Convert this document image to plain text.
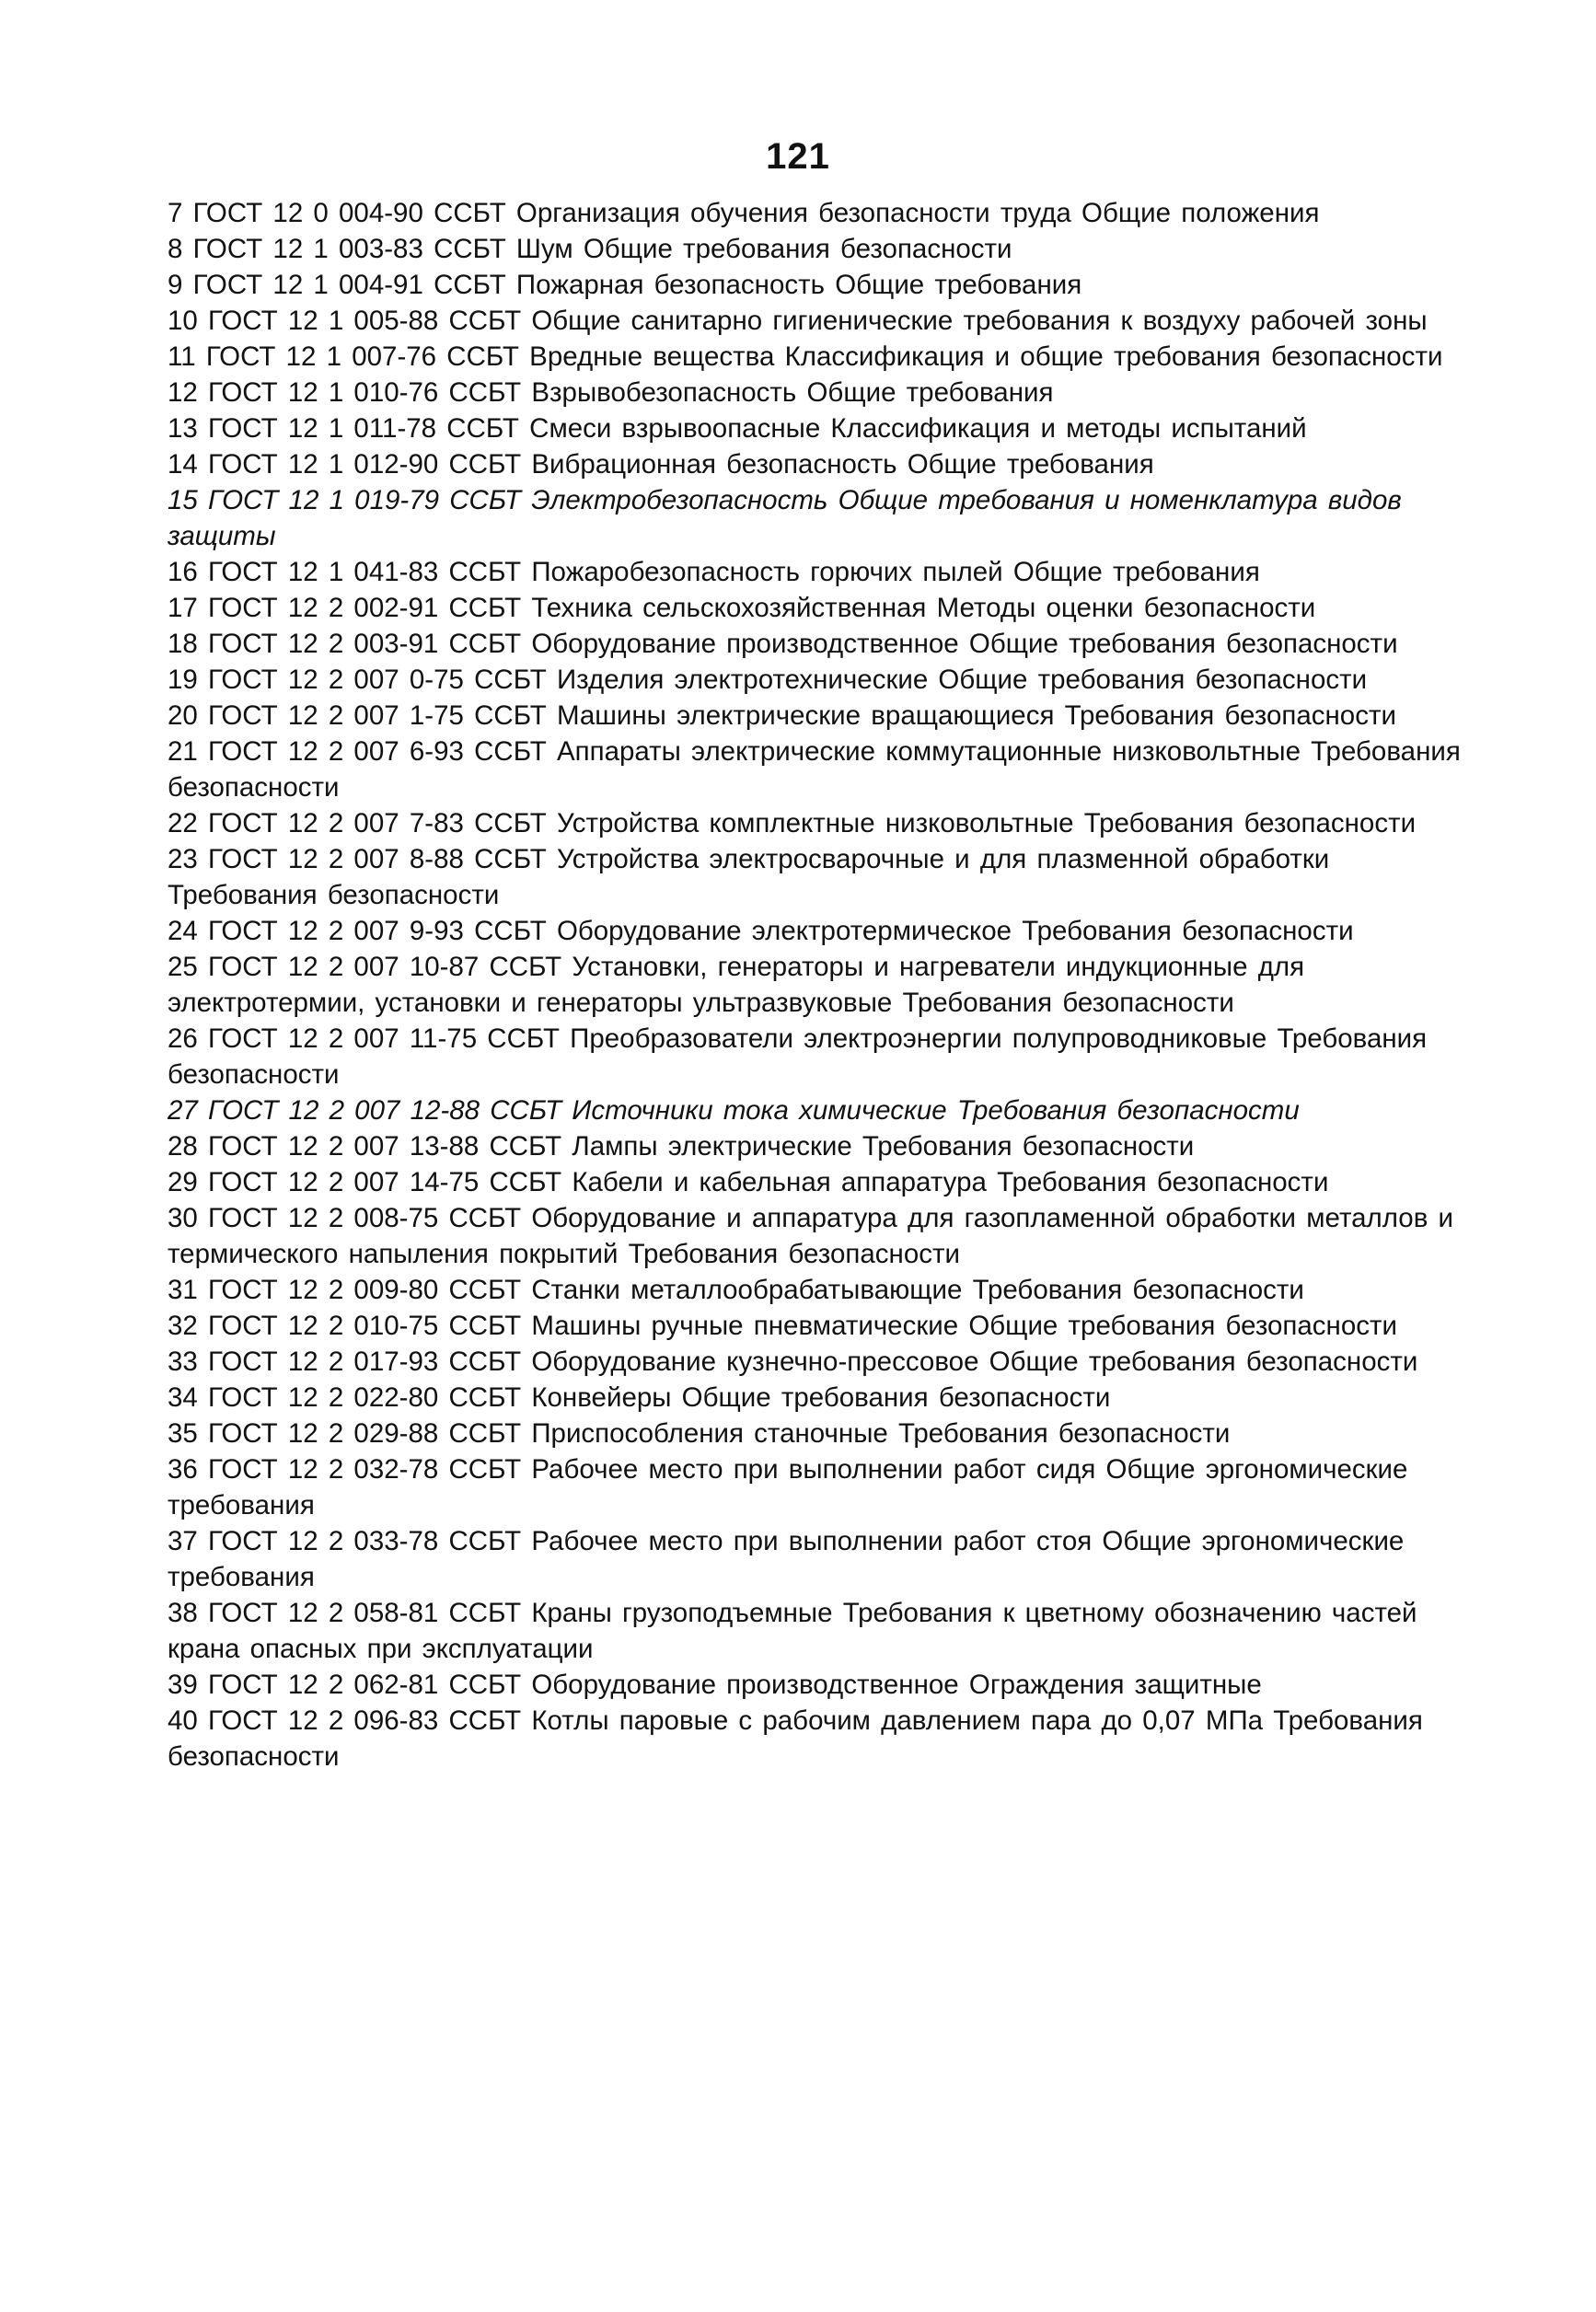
121

7 ГОСТ 12 0 004-90 ССБТ Организация обучения безопасности труда Общие положения

8 ГОСТ 12 1 003-83 ССБТ Шум Общие требования безопасности

9 ГОСТ 12 1 004-91 ССБТ Пожарная безопасность Общие требования

10 ГОСТ 12 1 005-88 ССБТ Общие санитарно гигиенические требования к воздуху рабочей зоны

11 ГОСТ 12 1 007-76 ССБТ Вредные вещества Классификация и общие требования безопасности

12 ГОСТ 12 1 010-76 ССБТ Взрывобезопасность Общие требования

13 ГОСТ 12 1 011-78 ССБТ Смеси взрывоопасные Классификация и методы испытаний

14 ГОСТ 12 1 012-90 ССБТ Вибрационная безопасность Общие требования

15 ГОСТ 12 1 019-79 ССБТ Электробезопасность Общие требования и номенклатура видов защиты

16 ГОСТ 12 1 041-83 ССБТ Пожаробезопасность горючих пылей Общие требования

17 ГОСТ 12 2 002-91 ССБТ Техника сельскохозяйственная Методы оценки безопасности

18 ГОСТ 12 2 003-91 ССБТ Оборудование производственное Общие требования безопасности

19 ГОСТ 12 2 007 0-75 ССБТ Изделия электротехнические Общие требования безопасности

20 ГОСТ 12 2 007 1-75 ССБТ Машины электрические вращающиеся Требования безопасности

21 ГОСТ 12 2 007 6-93 ССБТ Аппараты электрические коммутационные низковольтные Требования безопасности

22 ГОСТ 12 2 007 7-83 ССБТ Устройства комплектные низковольтные Требования безопасности

23 ГОСТ 12 2 007 8-88 ССБТ Устройства электросварочные и для плазменной обработки Требования безопасности

24 ГОСТ 12 2 007 9-93 ССБТ Оборудование электротермическое Требования безопасности

25 ГОСТ 12 2 007 10-87 ССБТ Установки, генераторы и нагреватели индукционные для электротермии, установки и генераторы ультразвуковые Требования безопасности

26 ГОСТ 12 2 007 11-75 ССБТ Преобразователи электроэнергии полупроводниковые Требования безопасности

27 ГОСТ 12 2 007 12-88 ССБТ Источники тока химические Требования безопасности

28 ГОСТ 12 2 007 13-88 ССБТ Лампы электрические Требования безопасности

29 ГОСТ 12 2 007 14-75 ССБТ Кабели и кабельная аппаратура Требования безопасности

30 ГОСТ 12 2 008-75 ССБТ Оборудование и аппаратура для газопламенной обработки металлов и термического напыления покрытий Требования безопасности

31 ГОСТ 12 2 009-80 ССБТ Станки металлообрабатывающие Требования безопасности

32 ГОСТ 12 2 010-75 ССБТ Машины ручные пневматические Общие требования безопасности

33 ГОСТ 12 2 017-93 ССБТ Оборудование кузнечно-прессовое Общие требования безопасности

34 ГОСТ 12 2 022-80 ССБТ Конвейеры Общие требования безопасности

35 ГОСТ 12 2 029-88 ССБТ Приспособления станочные Требования безопасности

36 ГОСТ 12 2 032-78 ССБТ Рабочее место при выполнении работ сидя Общие эргономические требования

37 ГОСТ 12 2 033-78 ССБТ Рабочее место при выполнении работ стоя Общие эргономические требования

38 ГОСТ 12 2 058-81 ССБТ Краны грузоподъемные Требования к цветному обозначению частей крана опасных при эксплуатации

39 ГОСТ 12 2 062-81 ССБТ Оборудование производственное Ограждения защитные

40 ГОСТ 12 2 096-83 ССБТ Котлы паровые с рабочим давлением пара до 0,07 МПа Требования безопасности
